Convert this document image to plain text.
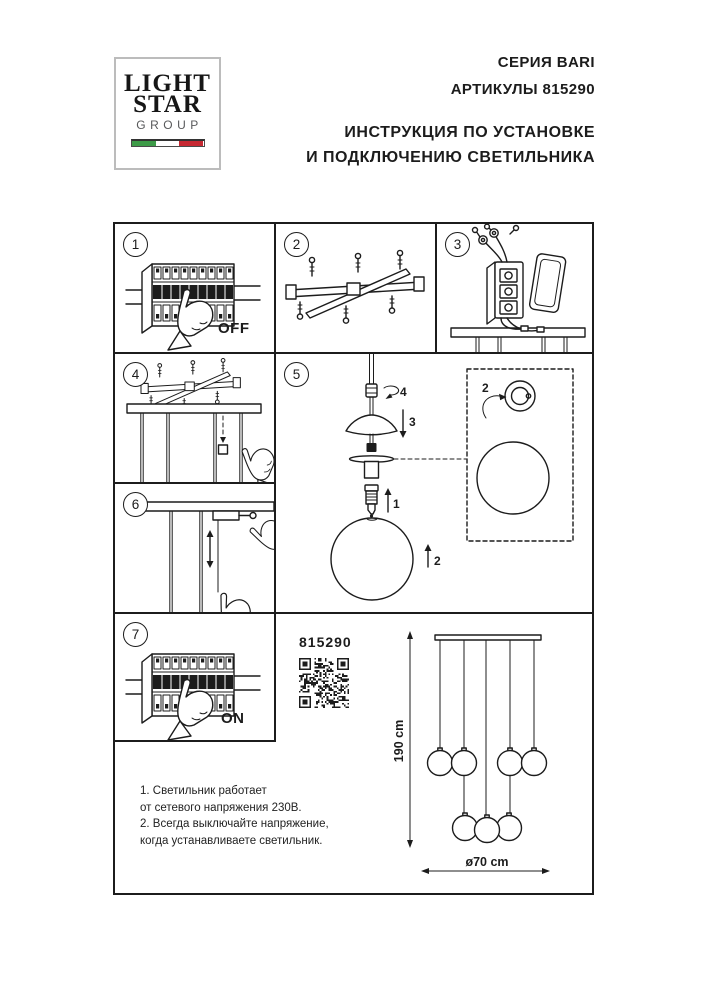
LIGHT
STAR
GROUP
СЕРИЯ BARI
АРТИКУЛЫ 815290
ИНСТРУКЦИЯ ПО УСТАНОВКЕ
И ПОДКЛЮЧЕНИЮ СВЕТИЛЬНИКА
1
OFF
2	3
4	5
4
3
1
2
2
6
7
ON
815290
190 cm
ø70 cm
1. Светильник работает
от сетевого напряжения 230В.
2. Всегда выключайте напряжение,
когда устанавливаете светильник.
